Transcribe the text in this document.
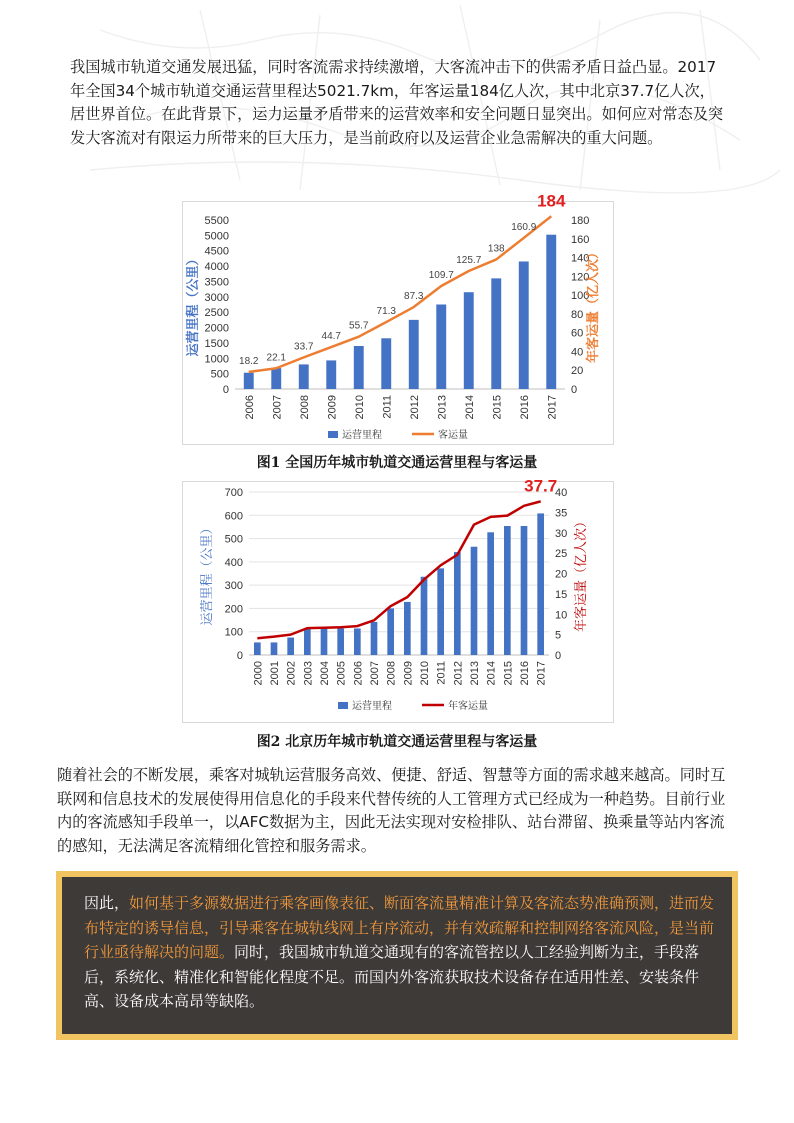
我国城市轨道交通发展迅猛，同时客流需求持续激增，大客流冲击下的供需矛盾日益凸显。2017年全国34个城市轨道交通运营里程达5021.7km，年客运量184亿人次，其中北京37.7亿人次，居世界首位。在此背景下，运力运量矛盾带来的运营效率和安全问题日显突出。如何应对常态及突发大客流对有限运力所带来的巨大压力，是当前政府以及运营企业急需解决的重大问题。
0
500
1000
1500
2000
2500
3000
3500
4000
4500
5000
5500
0
20
40
60
80
100
120
140
160
180
2006 2007 2008 2009 2010 2011 2012 2013 2014 2015 2016 2017
18.2 22.1
33.7
44.7
55.7
71.3
87.3
109.7
125.7
138
160.9
184
运营里程（公里）	年客运量（亿人次）
运营里程	客运量
图1 全国历年城市轨道交通运营里程与客运量
0
100
200
300
400
500
600
700
0
5
10
15
20
25
30
35
40
2000 2001 2002 2003 2004 2005 2006 2007 2008 2009 2010 2011 2012 2013 2014 2015 2016 2017
37.7
运营里程（公里）	年客运量（亿人次）
运营里程	年客运量
图2 北京历年城市轨道交通运营里程与客运量
随着社会的不断发展，乘客对城轨运营服务高效、便捷、舒适、智慧等方面的需求越来越高。同时互联网和信息技术的发展使得用信息化的手段来代替传统的人工管理方式已经成为一种趋势。目前行业内的客流感知手段单一，以AFC数据为主，因此无法实现对安检排队、站台滞留、换乘量等站内客流的感知，无法满足客流精细化管控和服务需求。
因此，如何基于多源数据进行乘客画像表征、断面客流量精准计算及客流态势准确预测，进而发布特定的诱导信息，引导乘客在城轨线网上有序流动，并有效疏解和控制网络客流风险，是当前行业亟待解决的问题。同时，我国城市轨道交通现有的客流管控以人工经验判断为主，手段落后，系统化、精准化和智能化程度不足。而国内外客流获取技术设备存在适用性差、安装条件高、设备成本高昂等缺陷。
